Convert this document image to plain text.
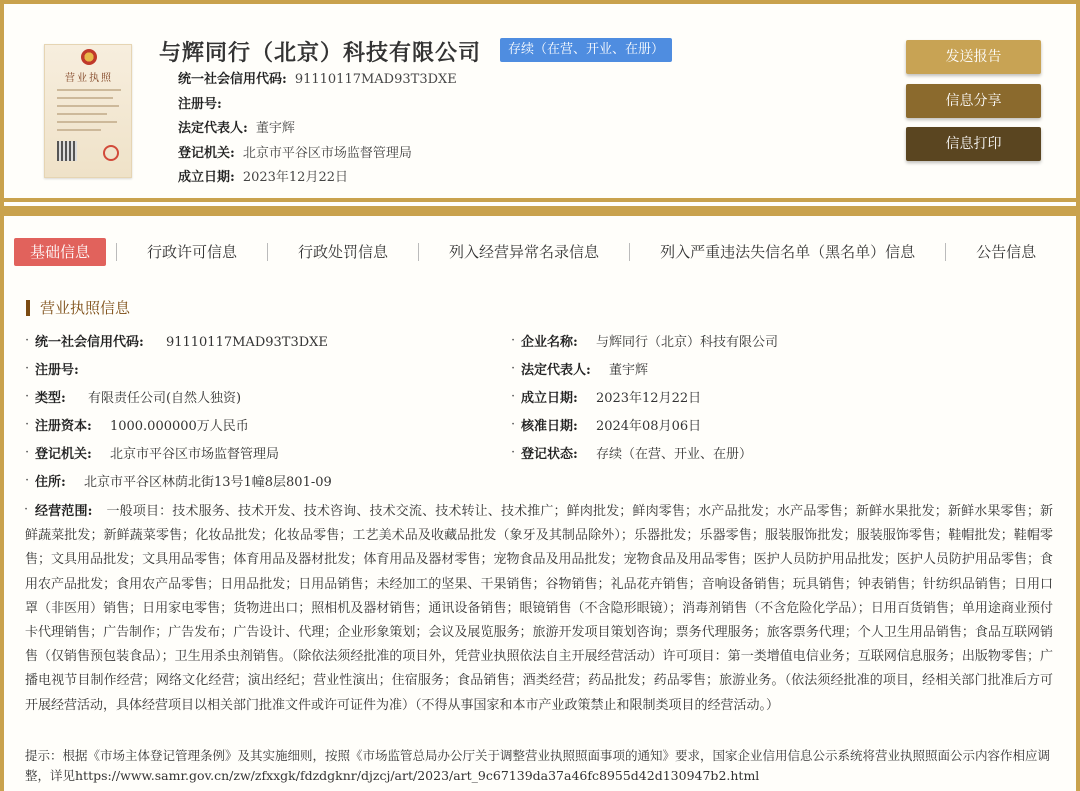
营业执照
与辉同行（北京）科技有限公司	存续（在营、开业、在册）
统一社会信用代码: 91110117MAD93T3DXE
注册号:
法定代表人: 董宇辉
登记机关: 北京市平谷区市场监督管理局
成立日期: 2023年12月22日
发送报告
信息分享
信息打印
基础信息	行政许可信息	行政处罚信息	列入经营异常名录信息	列入严重违法失信名单（黑名单）信息	公告信息
营业执照信息
· 统一社会信用代码: 91110117MAD93T3DXE
· 注册号:
· 类型: 有限责任公司(自然人独资)
· 注册资本: 1000.000000万人民币
· 登记机关: 北京市平谷区市场监督管理局
· 住所: 北京市平谷区林荫北街13号1幢8层801-09
· 企业名称: 与辉同行（北京）科技有限公司
· 法定代表人: 董宇辉
· 成立日期: 2023年12月22日
· 核准日期: 2024年08月06日
· 登记状态: 存续（在营、开业、在册）
· 经营范围: 一般项目：技术服务、技术开发、技术咨询、技术交流、技术转让、技术推广；鲜肉批发；鲜肉零售；水产品批发；水产品零售；新鲜水果批发；新鲜水果零售；新鲜蔬菜批发；新鲜蔬菜零售；化妆品批发；化妆品零售；工艺美术品及收藏品批发（象牙及其制品除外）；乐器批发；乐器零售；服装服饰批发；服装服饰零售；鞋帽批发；鞋帽零售；文具用品批发；文具用品零售；体育用品及器材批发；体育用品及器材零售；宠物食品及用品批发；宠物食品及用品零售；医护人员防护用品批发；医护人员防护用品零售；食用农产品批发；食用农产品零售；日用品批发；日用品销售；未经加工的坚果、干果销售；谷物销售；礼品花卉销售；音响设备销售；玩具销售；钟表销售；针纺织品销售；日用口罩（非医用）销售；日用家电零售；货物进出口；照相机及器材销售；通讯设备销售；眼镜销售（不含隐形眼镜）；消毒剂销售（不含危险化学品）；日用百货销售；单用途商业预付卡代理销售；广告制作；广告发布；广告设计、代理；企业形象策划；会议及展览服务；旅游开发项目策划咨询；票务代理服务；旅客票务代理；个人卫生用品销售；食品互联网销售（仅销售预包装食品）；卫生用杀虫剂销售。（除依法须经批准的项目外，凭营业执照依法自主开展经营活动）许可项目：第一类增值电信业务；互联网信息服务；出版物零售；广播电视节目制作经营；网络文化经营；演出经纪；营业性演出；住宿服务；食品销售；酒类经营；药品批发；药品零售；旅游业务。（依法须经批准的项目，经相关部门批准后方可开展经营活动，具体经营项目以相关部门批准文件或许可证件为准）（不得从事国家和本市产业政策禁止和限制类项目的经营活动。）
提示：根据《市场主体登记管理条例》及其实施细则，按照《市场监管总局办公厅关于调整营业执照照面事项的通知》要求，国家企业信用信息公示系统将营业执照照面公示内容作相应调整，详见https://www.samr.gov.cn/zw/zfxxgk/fdzdgknr/djzcj/art/2023/art_9c67139da37a46fc8955d42d130947b2.html
